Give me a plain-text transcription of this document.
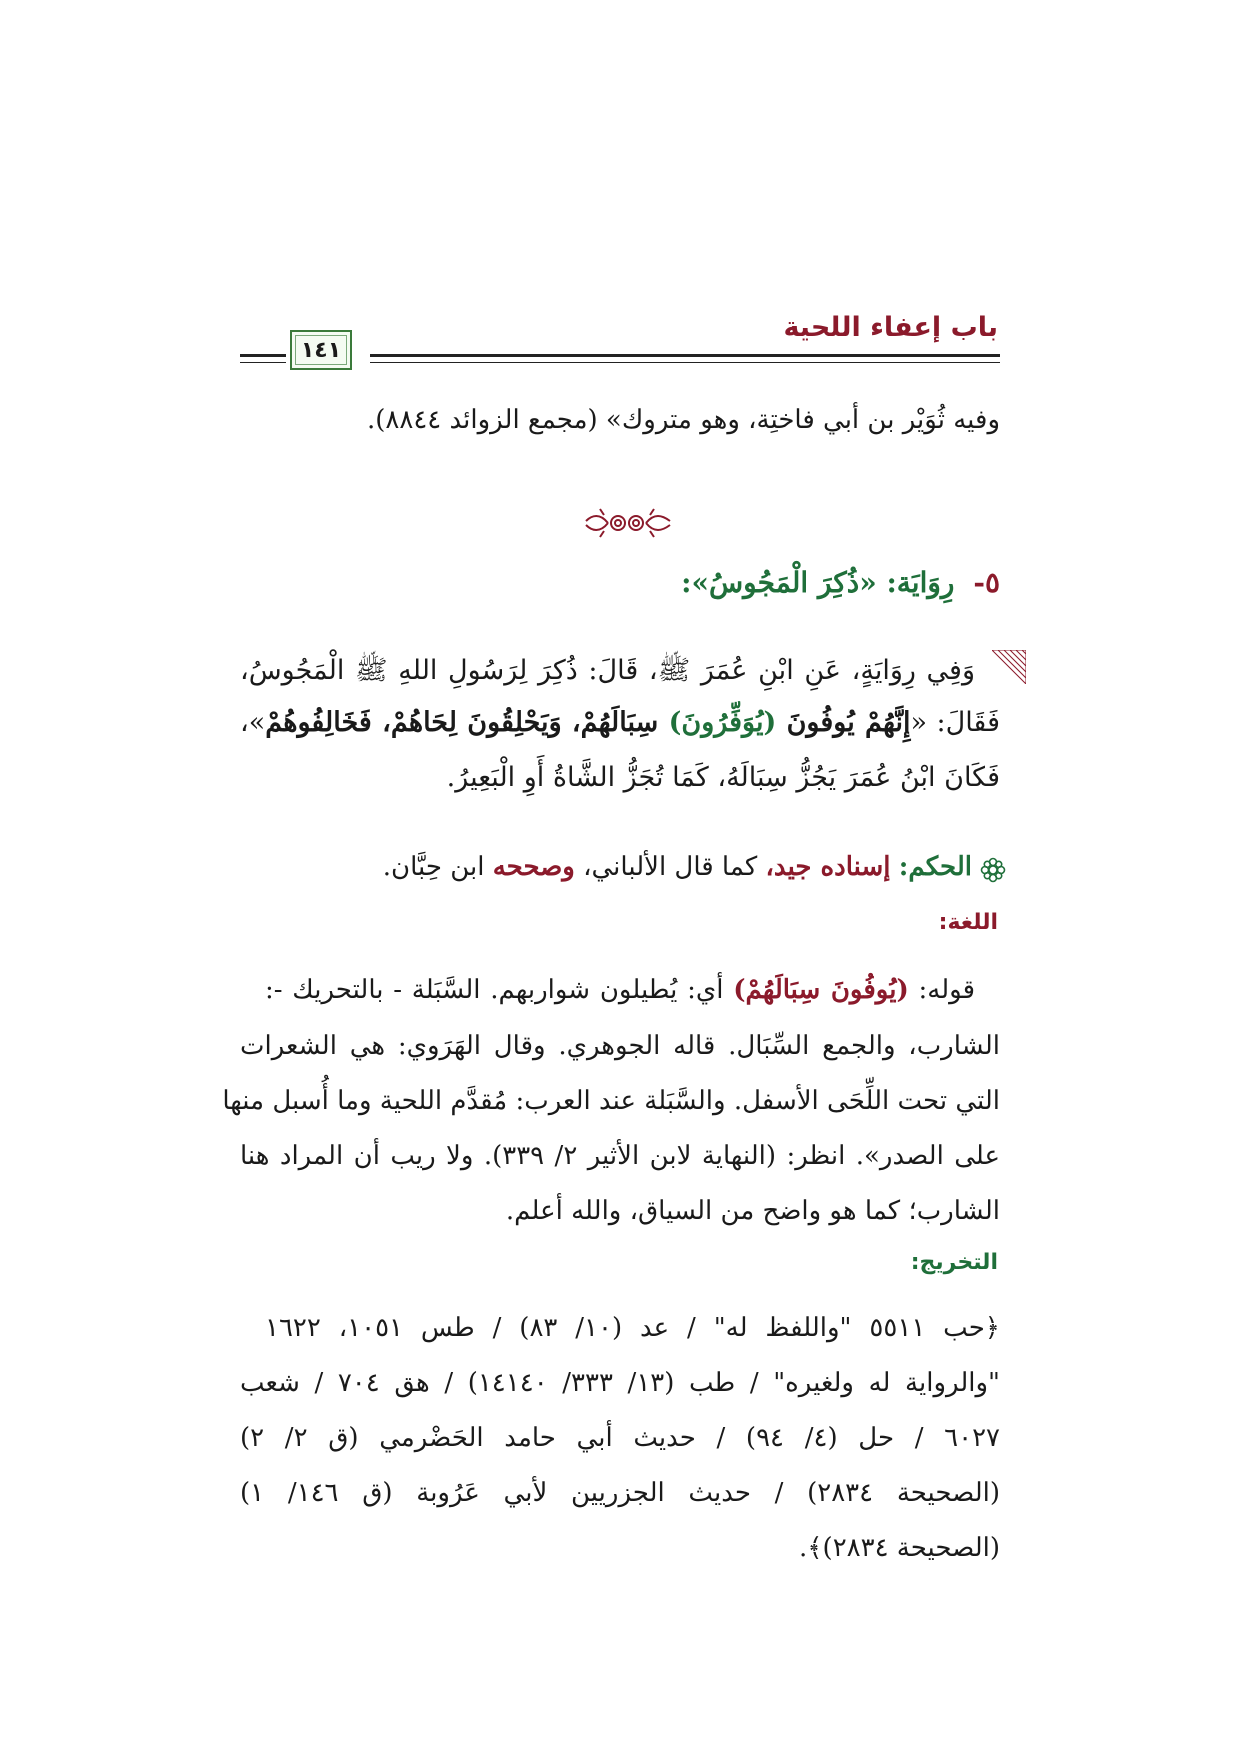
باب إعفاء اللحية
١٤١
وفيه ثُوَيْر بن أبي فاختِة، وهو متروك» (مجمع الزوائد ٨٨٤٤).
٥- رِوَايَة: «ذُكِرَ الْمَجُوسُ»:
وَفِي رِوَايَةٍ، عَنِ ابْنِ عُمَرَ ﷺ، قَالَ: ذُكِرَ لِرَسُولِ اللهِ ﷺ الْمَجُوسُ،
فَقَالَ: «إِنَّهُمْ يُوفُونَ (يُوَفِّرُونَ) سِبَالَهُمْ، وَيَحْلِقُونَ لِحَاهُمْ، فَخَالِفُوهُمْ»،
فَكَانَ ابْنُ عُمَرَ يَجُزُّ سِبَالَهُ، كَمَا تُجَزُّ الشَّاةُ أَوِ الْبَعِيرُ.
الحكم: إسناده جيد، كما قال الألباني، وصححه ابن حِبَّان.
اللغة:
قوله: (يُوفُونَ سِبَالَهُمْ) أي: يُطيلون شواربهم. السَّبَلة - بالتحريك -:
الشارب، والجمع السِّبَال. قاله الجوهري. وقال الهَرَوي: هي الشعرات
التي تحت اللِّحَى الأسفل. والسَّبَلة عند العرب: مُقدَّم اللحية وما أُسبل منها
على الصدر». انظر: (النهاية لابن الأثير ٢/ ٣٣٩). ولا ريب أن المراد هنا
الشارب؛ كما هو واضح من السياق، والله أعلم.
التخريج:
﴿حب ٥٥١١ "واللفظ له" / عد (١٠/ ٨٣) / طس ١٠٥١، ١٦٢٢
"والرواية له ولغيره" / طب (١٣/ ٣٣٣/ ١٤١٤٠) / هق ٧٠٤ / شعب
٦٠٢٧ / حل (٤/ ٩٤) / حديث أبي حامد الحَضْرمي (ق ٢/ ٢)
(الصحيحة ٢٨٣٤) / حديث الجزريين لأبي عَرُوبة (ق ١٤٦/ ١)
(الصحيحة ٢٨٣٤)﴾.
